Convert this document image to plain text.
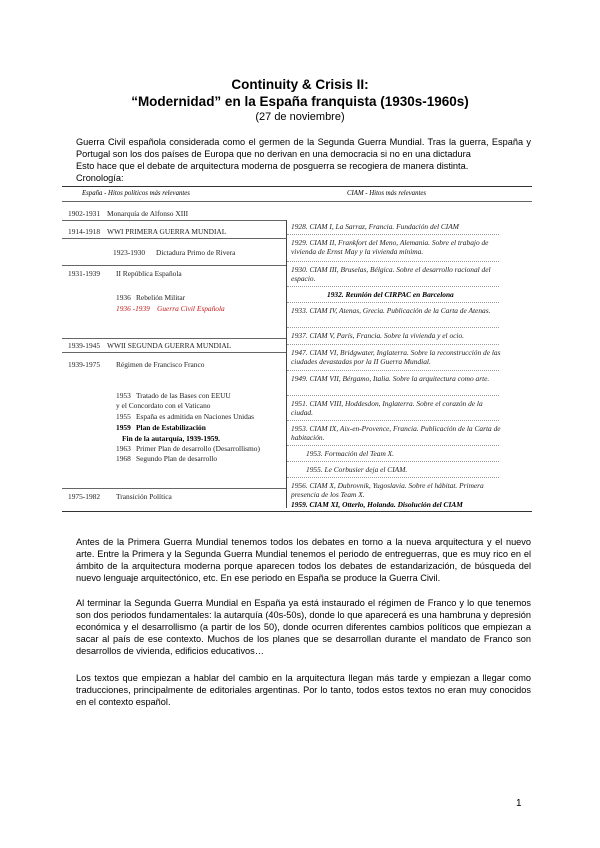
Continuity & Crisis II:
“Modernidad” en la España franquista (1930s-1960s)
(27 de noviembre)

Guerra Civil española considerada como el germen de la Segunda Guerra Mundial. Tras la guerra, España y Portugal son los dos países de Europa que no derivan en una democracia si no en una dictadura

Esto hace que el debate de arquitectura moderna de posguerra se recogiera de manera distinta.

Cronología:

España - Hitos políticos más relevantes	CIAM - Hitos más relevantes
1902-1931 Monarquía de Alfonso XIII
1914-1918 WWI PRIMERA GUERRA MUNDIAL
1923-1930 Dictadura Primo de Rivera
1931-1939 II República Española
1936 Rebelión Militar
1936 -1939 Guerra Civil Española
1939-1945 WWII SEGUNDA GUERRA MUNDIAL
1939-1975 Régimen de Francisco Franco
1953 Tratado de las Bases con EEUU
y el Concordato con el Vaticano
1955 España es admitida en Naciones Unidas
1959 Plan de Estabilización
Fin de la autarquía, 1939-1959.
1963 Primer Plan de desarrollo (Desarrollismo)
1968 Segundo Plan de desarrollo
1975-1982 Transición Política
1928. CIAM I, La Sarraz, Francia. Fundación del CIAM
1929. CIAM II, Frankfort del Meno, Alemania. Sobre el trabajo de vivienda de Ernst May y la vivienda mínima.
1930. CIAM III, Bruselas, Bélgica. Sobre el desarrollo racional del espacio.
1932. Reunión del CIRPAC en Barcelona
1933. CIAM IV, Atenas, Grecia. Publicación de la Carta de Atenas.
1937. CIAM V, París, Francia. Sobre la vivienda y el ocio.
1947. CIAM VI, Bridgwater, Inglaterra. Sobre la reconstrucción de las ciudades devastadas por la II Guerra Mundial.
1949. CIAM VII, Bérgamo, Italia. Sobre la arquitectura como arte.
1951. CIAM VIII, Hoddesdon, Inglaterra. Sobre el corazón de la ciudad.
1953. CIAM IX, Aix-en-Provence, Francia. Publicación de la Carta de habitación.
1953. Formación del Team X.
1955. Le Corbusier deja el CIAM.
1956. CIAM X, Dubrovnik, Yugoslavia. Sobre el hábitat. Primera presencia de los Team X.
1959. CIAM XI, Otterlo, Holanda. Disolución del CIAM

Antes de la Primera Guerra Mundial tenemos todos los debates en torno a la nueva arquitectura y el nuevo arte. Entre la Primera y la Segunda Guerra Mundial tenemos el periodo de entreguerras, que es muy rico en el ámbito de la arquitectura moderna porque aparecen todos los debates de estandarización, de búsqueda del nuevo lenguaje arquitectónico, etc. En ese periodo en España se produce la Guerra Civil.

Al terminar la Segunda Guerra Mundial en España ya está instaurado el régimen de Franco y lo que tenemos son dos periodos fundamentales: la autarquía (40s-50s), donde lo que aparecerá es una hambruna y depresión económica y el desarrollismo (a partir de los 50), donde ocurren diferentes cambios políticos que empiezan a sacar al país de ese contexto. Muchos de los planes que se desarrollan durante el mandato de Franco son desarrollos de vivienda, edificios educativos…

Los textos que empiezan a hablar del cambio en la arquitectura llegan más tarde y empiezan a llegar como traducciones, principalmente de editoriales argentinas. Por lo tanto, todos estos textos no eran muy conocidos en el contexto español.

1
